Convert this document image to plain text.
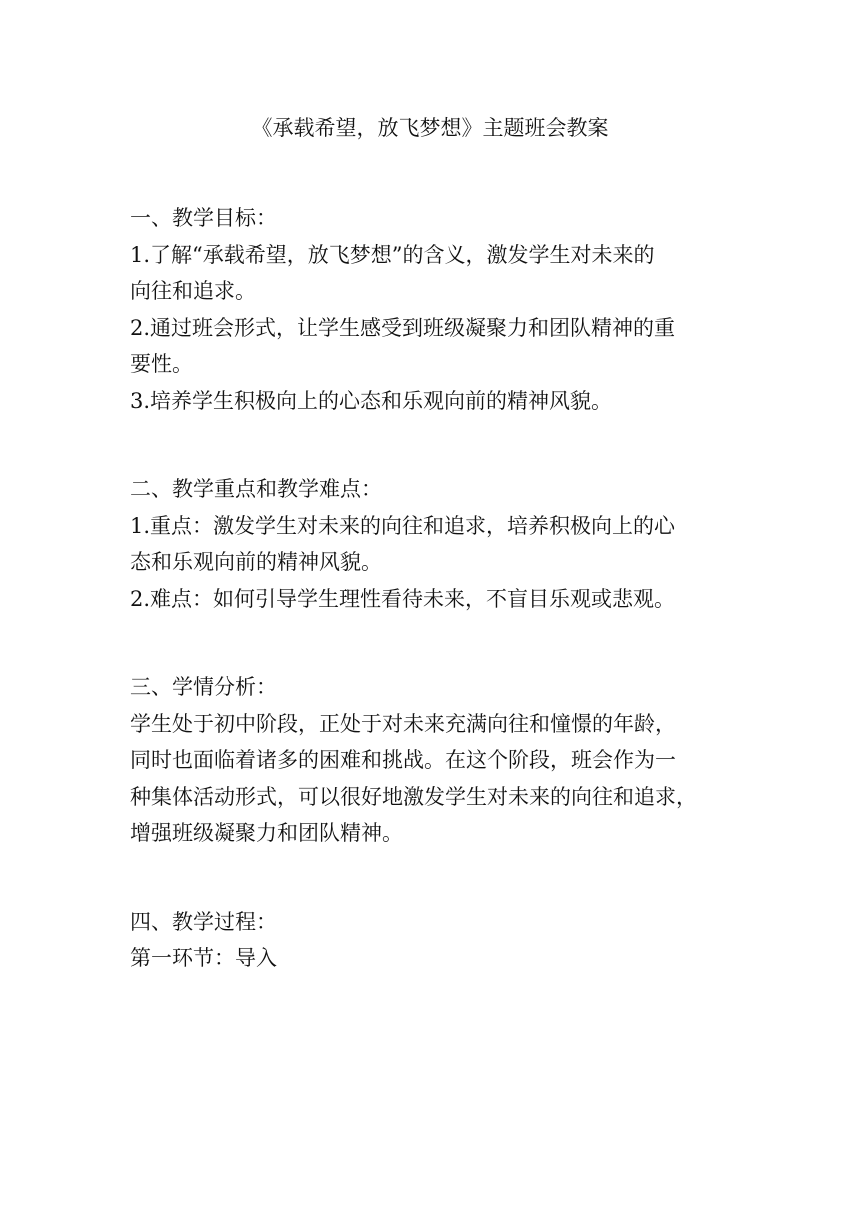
《承载希望，放飞梦想》主题班会教案
一、教学目标：
1.了解“承载希望，放飞梦想”的含义，激发学生对未来的
向往和追求。
2.通过班会形式，让学生感受到班级凝聚力和团队精神的重
要性。
3.培养学生积极向上的心态和乐观向前的精神风貌。
二、教学重点和教学难点：
1.重点：激发学生对未来的向往和追求，培养积极向上的心
态和乐观向前的精神风貌。
2.难点：如何引导学生理性看待未来，不盲目乐观或悲观。
三、学情分析：
学生处于初中阶段，正处于对未来充满向往和憧憬的年龄，
同时也面临着诸多的困难和挑战。在这个阶段，班会作为一
种集体活动形式，可以很好地激发学生对未来的向往和追求，
增强班级凝聚力和团队精神。
四、教学过程：
第一环节：导入
